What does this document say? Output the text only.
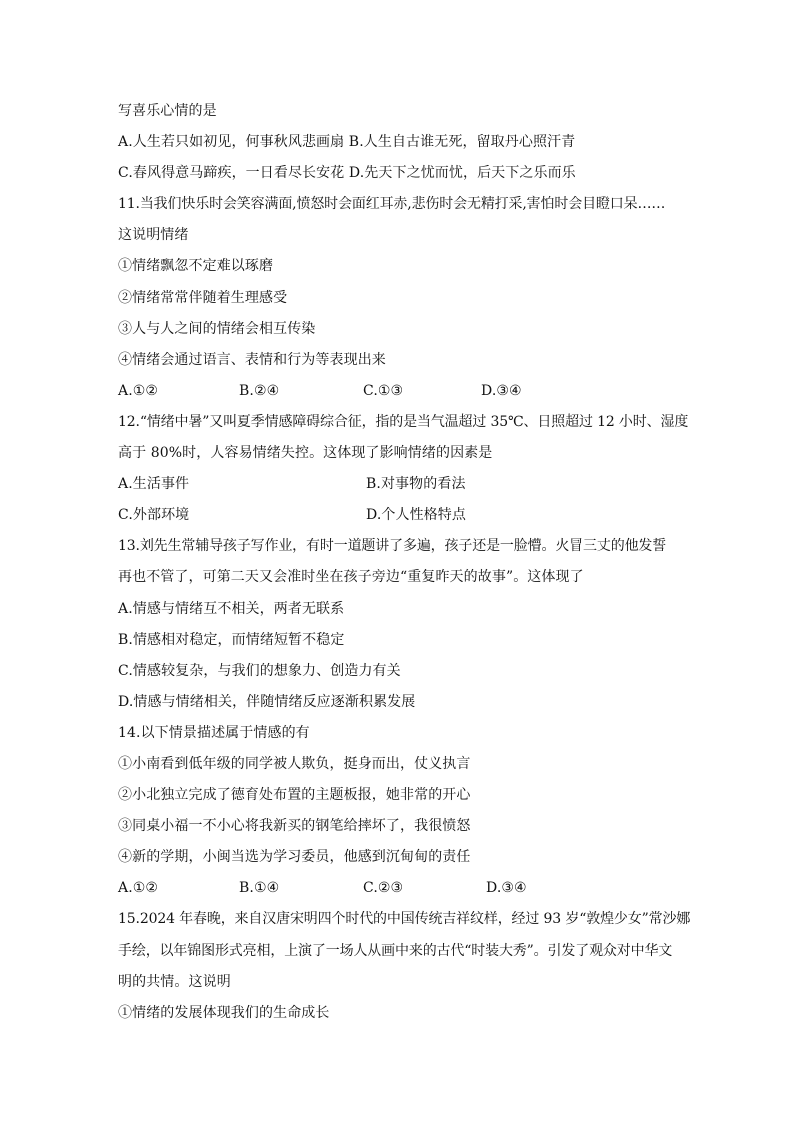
写喜乐心情的是
A.人生若只如初见，何事秋风悲画扇 B.人生自古谁无死，留取丹心照汗青
C.春风得意马蹄疾，一日看尽长安花 D.先天下之忧而忧，后天下之乐而乐
11.当我们快乐时会笑容满面,愤怒时会面红耳赤,悲伤时会无精打采,害怕时会目瞪口呆……
这说明情绪
①情绪飘忽不定难以琢磨
②情绪常常伴随着生理感受
③人与人之间的情绪会相互传染
④情绪会通过语言、表情和行为等表现出来
A.①②	B.②④	C.①③	D.③④
12.“情绪中暑”又叫夏季情感障碍综合征，指的是当气温超过 35℃、日照超过 12 小时、湿度
高于 80%时，人容易情绪失控。这体现了影响情绪的因素是
A.生活事件	B.对事物的看法
C.外部环境	D.个人性格特点
13.刘先生常辅导孩子写作业，有时一道题讲了多遍，孩子还是一脸懵。火冒三丈的他发誓
再也不管了，可第二天又会准时坐在孩子旁边“重复昨天的故事”。这体现了
A.情感与情绪互不相关，两者无联系
B.情感相对稳定，而情绪短暂不稳定
C.情感较复杂，与我们的想象力、创造力有关
D.情感与情绪相关，伴随情绪反应逐渐积累发展
14.以下情景描述属于情感的有
①小南看到低年级的同学被人欺负，挺身而出，仗义执言
②小北独立完成了德育处布置的主题板报，她非常的开心
③同桌小福一不小心将我新买的钢笔给摔坏了，我很愤怒
④新的学期，小闽当选为学习委员，他感到沉甸甸的责任
A.①②	B.①④	C.②③	D.③④
15.2024 年春晚，来自汉唐宋明四个时代的中国传统吉祥纹样，经过 93 岁“敦煌少女”常沙娜
手绘，以年锦图形式亮相，上演了一场人从画中来的古代“时装大秀”。引发了观众对中华文
明的共情。这说明
①情绪的发展体现我们的生命成长
